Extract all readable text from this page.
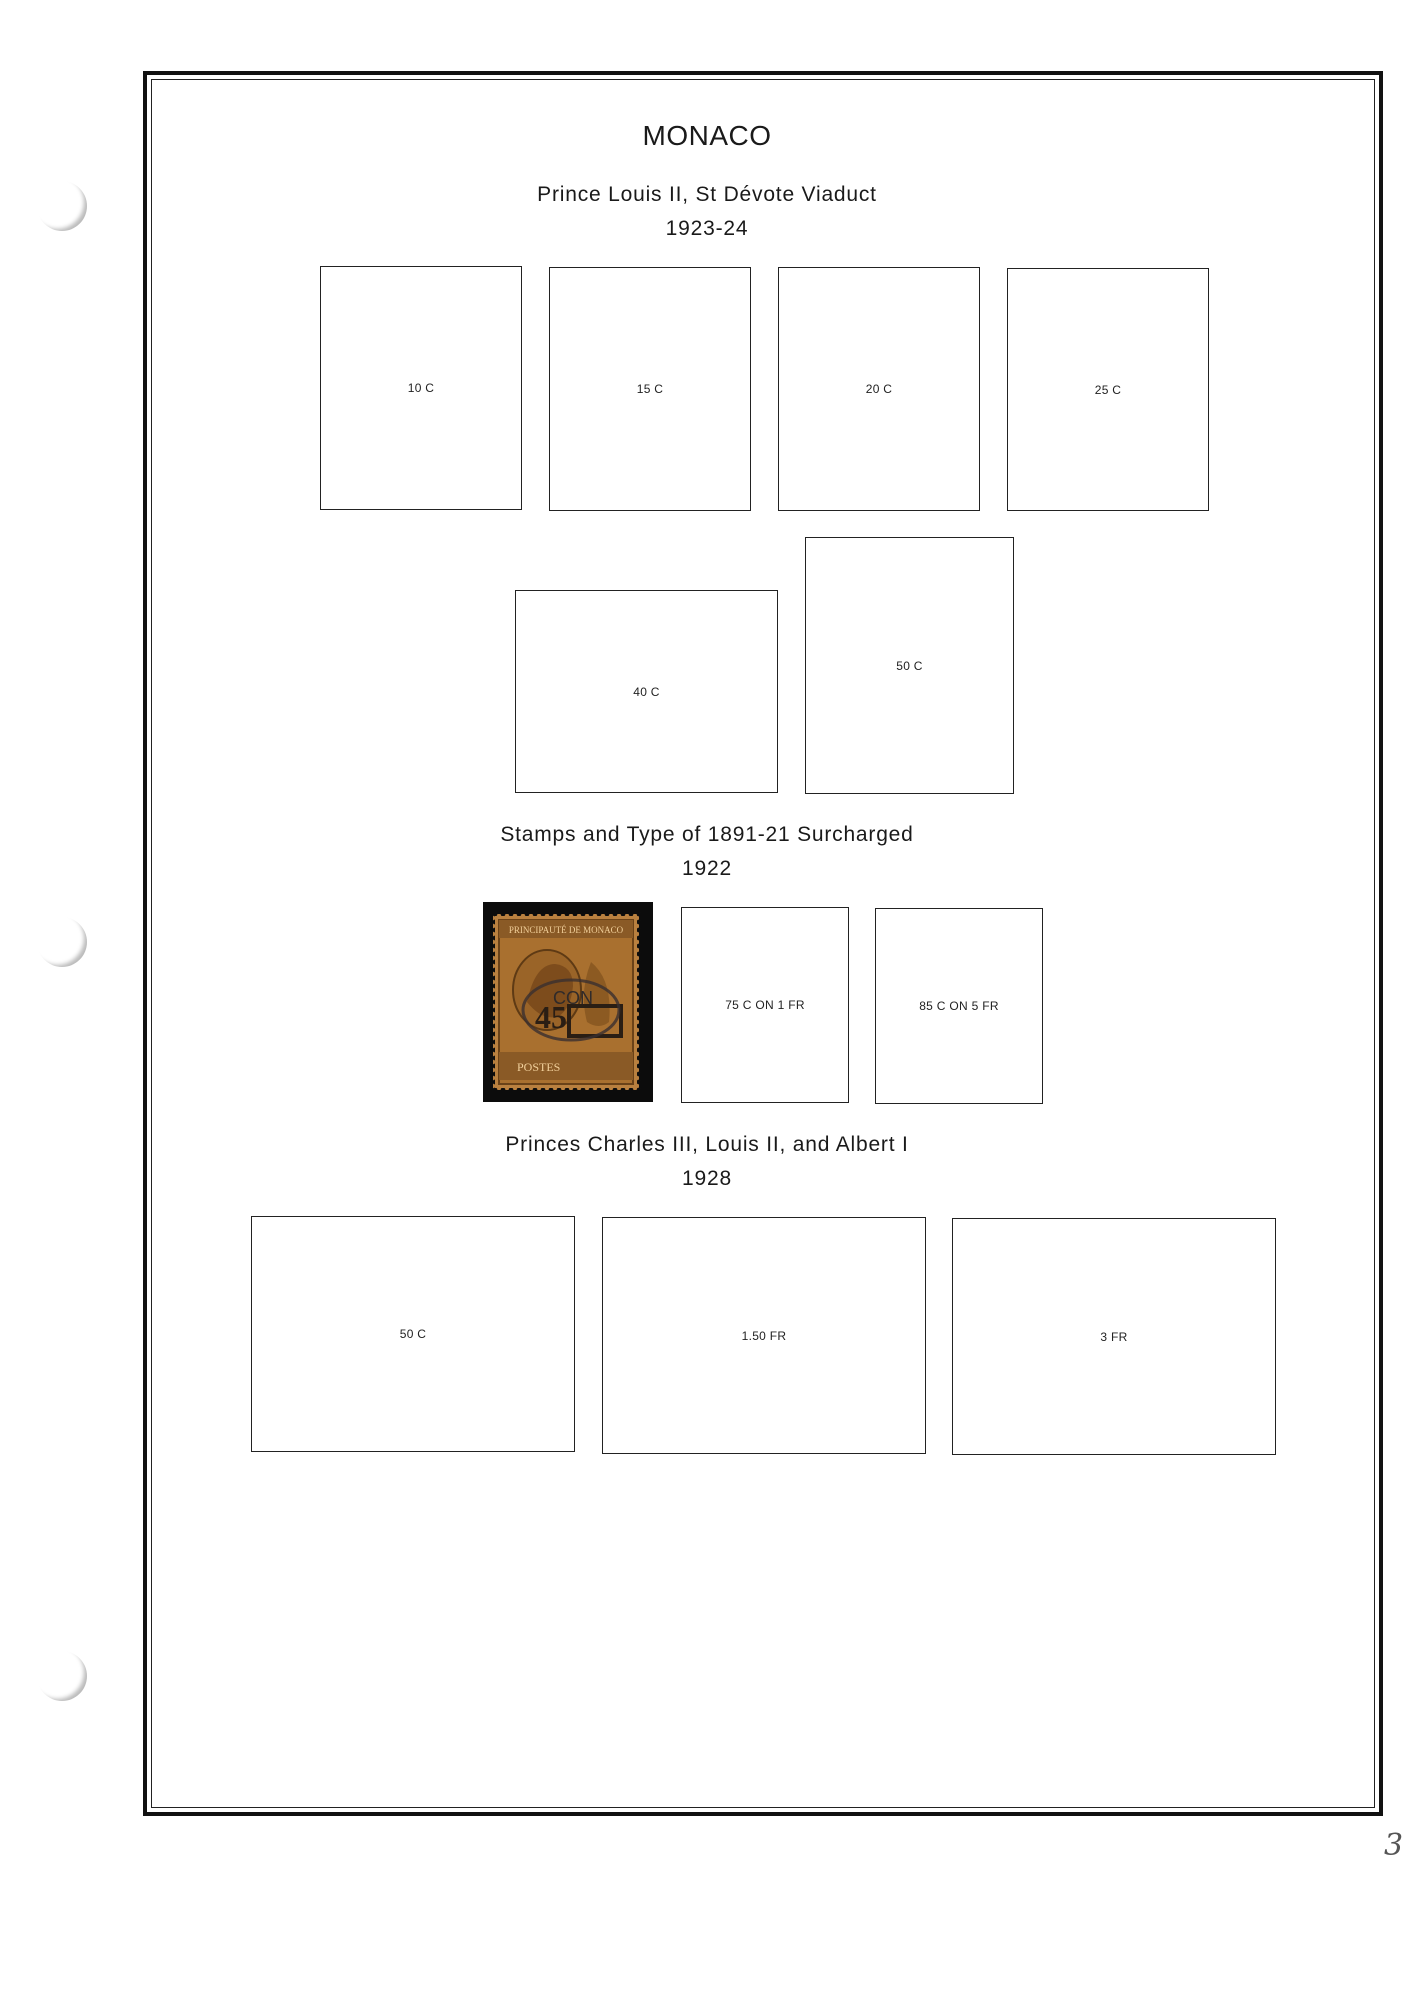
MONACO
Prince Louis II, St Dévote Viaduct
1923-24
10 C	15 C	20 C	25 C
40 C
50 C
Stamps and Type of 1891-21 Surcharged
1922
PRINCIPAUTÉ DE MONACO
POSTES
45
CON	75 C ON 1 FR	85 C ON 5 FR
Princes Charles III, Louis II, and Albert I
1928
50 C	1.50 FR	3 FR
3
